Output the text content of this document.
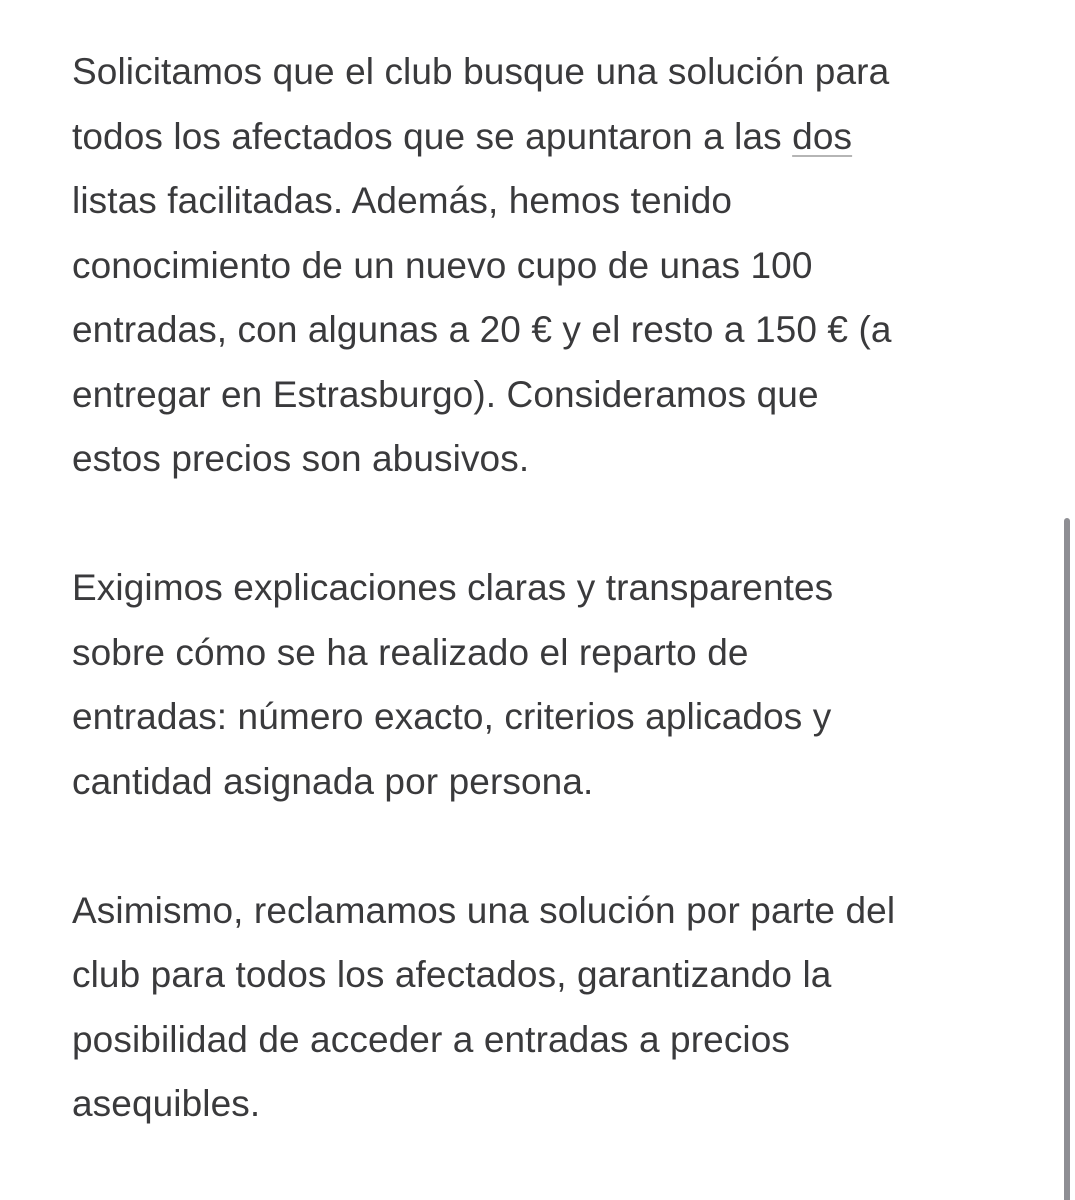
Solicitamos que el club busque una solución para
todos los afectados que se apuntaron a las dos
listas facilitadas. Además, hemos tenido
conocimiento de un nuevo cupo de unas 100
entradas, con algunas a 20 € y el resto a 150 € (a
entregar en Estrasburgo). Consideramos que
estos precios son abusivos.

Exigimos explicaciones claras y transparentes
sobre cómo se ha realizado el reparto de
entradas: número exacto, criterios aplicados y
cantidad asignada por persona.

Asimismo, reclamamos una solución por parte del
club para todos los afectados, garantizando la
posibilidad de acceder a entradas a precios
asequibles.
